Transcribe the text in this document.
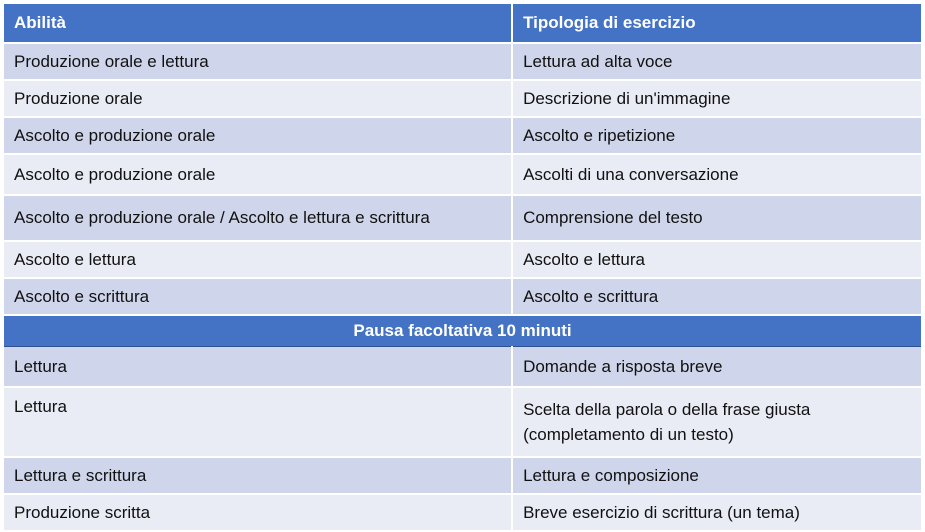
Abilità	Tipologia di esercizio
Produzione orale e lettura	Lettura ad alta voce
Produzione orale	Descrizione di un'immagine
Ascolto e produzione orale	Ascolto e ripetizione
Ascolto e produzione orale	Ascolti di una conversazione
Ascolto e produzione orale / Ascolto e lettura e scrittura	Comprensione del testo
Ascolto e lettura	Ascolto e lettura
Ascolto e scrittura	Ascolto e scrittura
Pausa facoltativa 10 minuti	
Lettura	Domande a risposta breve
Lettura	Scelta della parola o della frase giusta
(completamento di un testo)

Lettura e scrittura	Lettura e composizione
Produzione scritta	Breve esercizio di scrittura (un tema)
